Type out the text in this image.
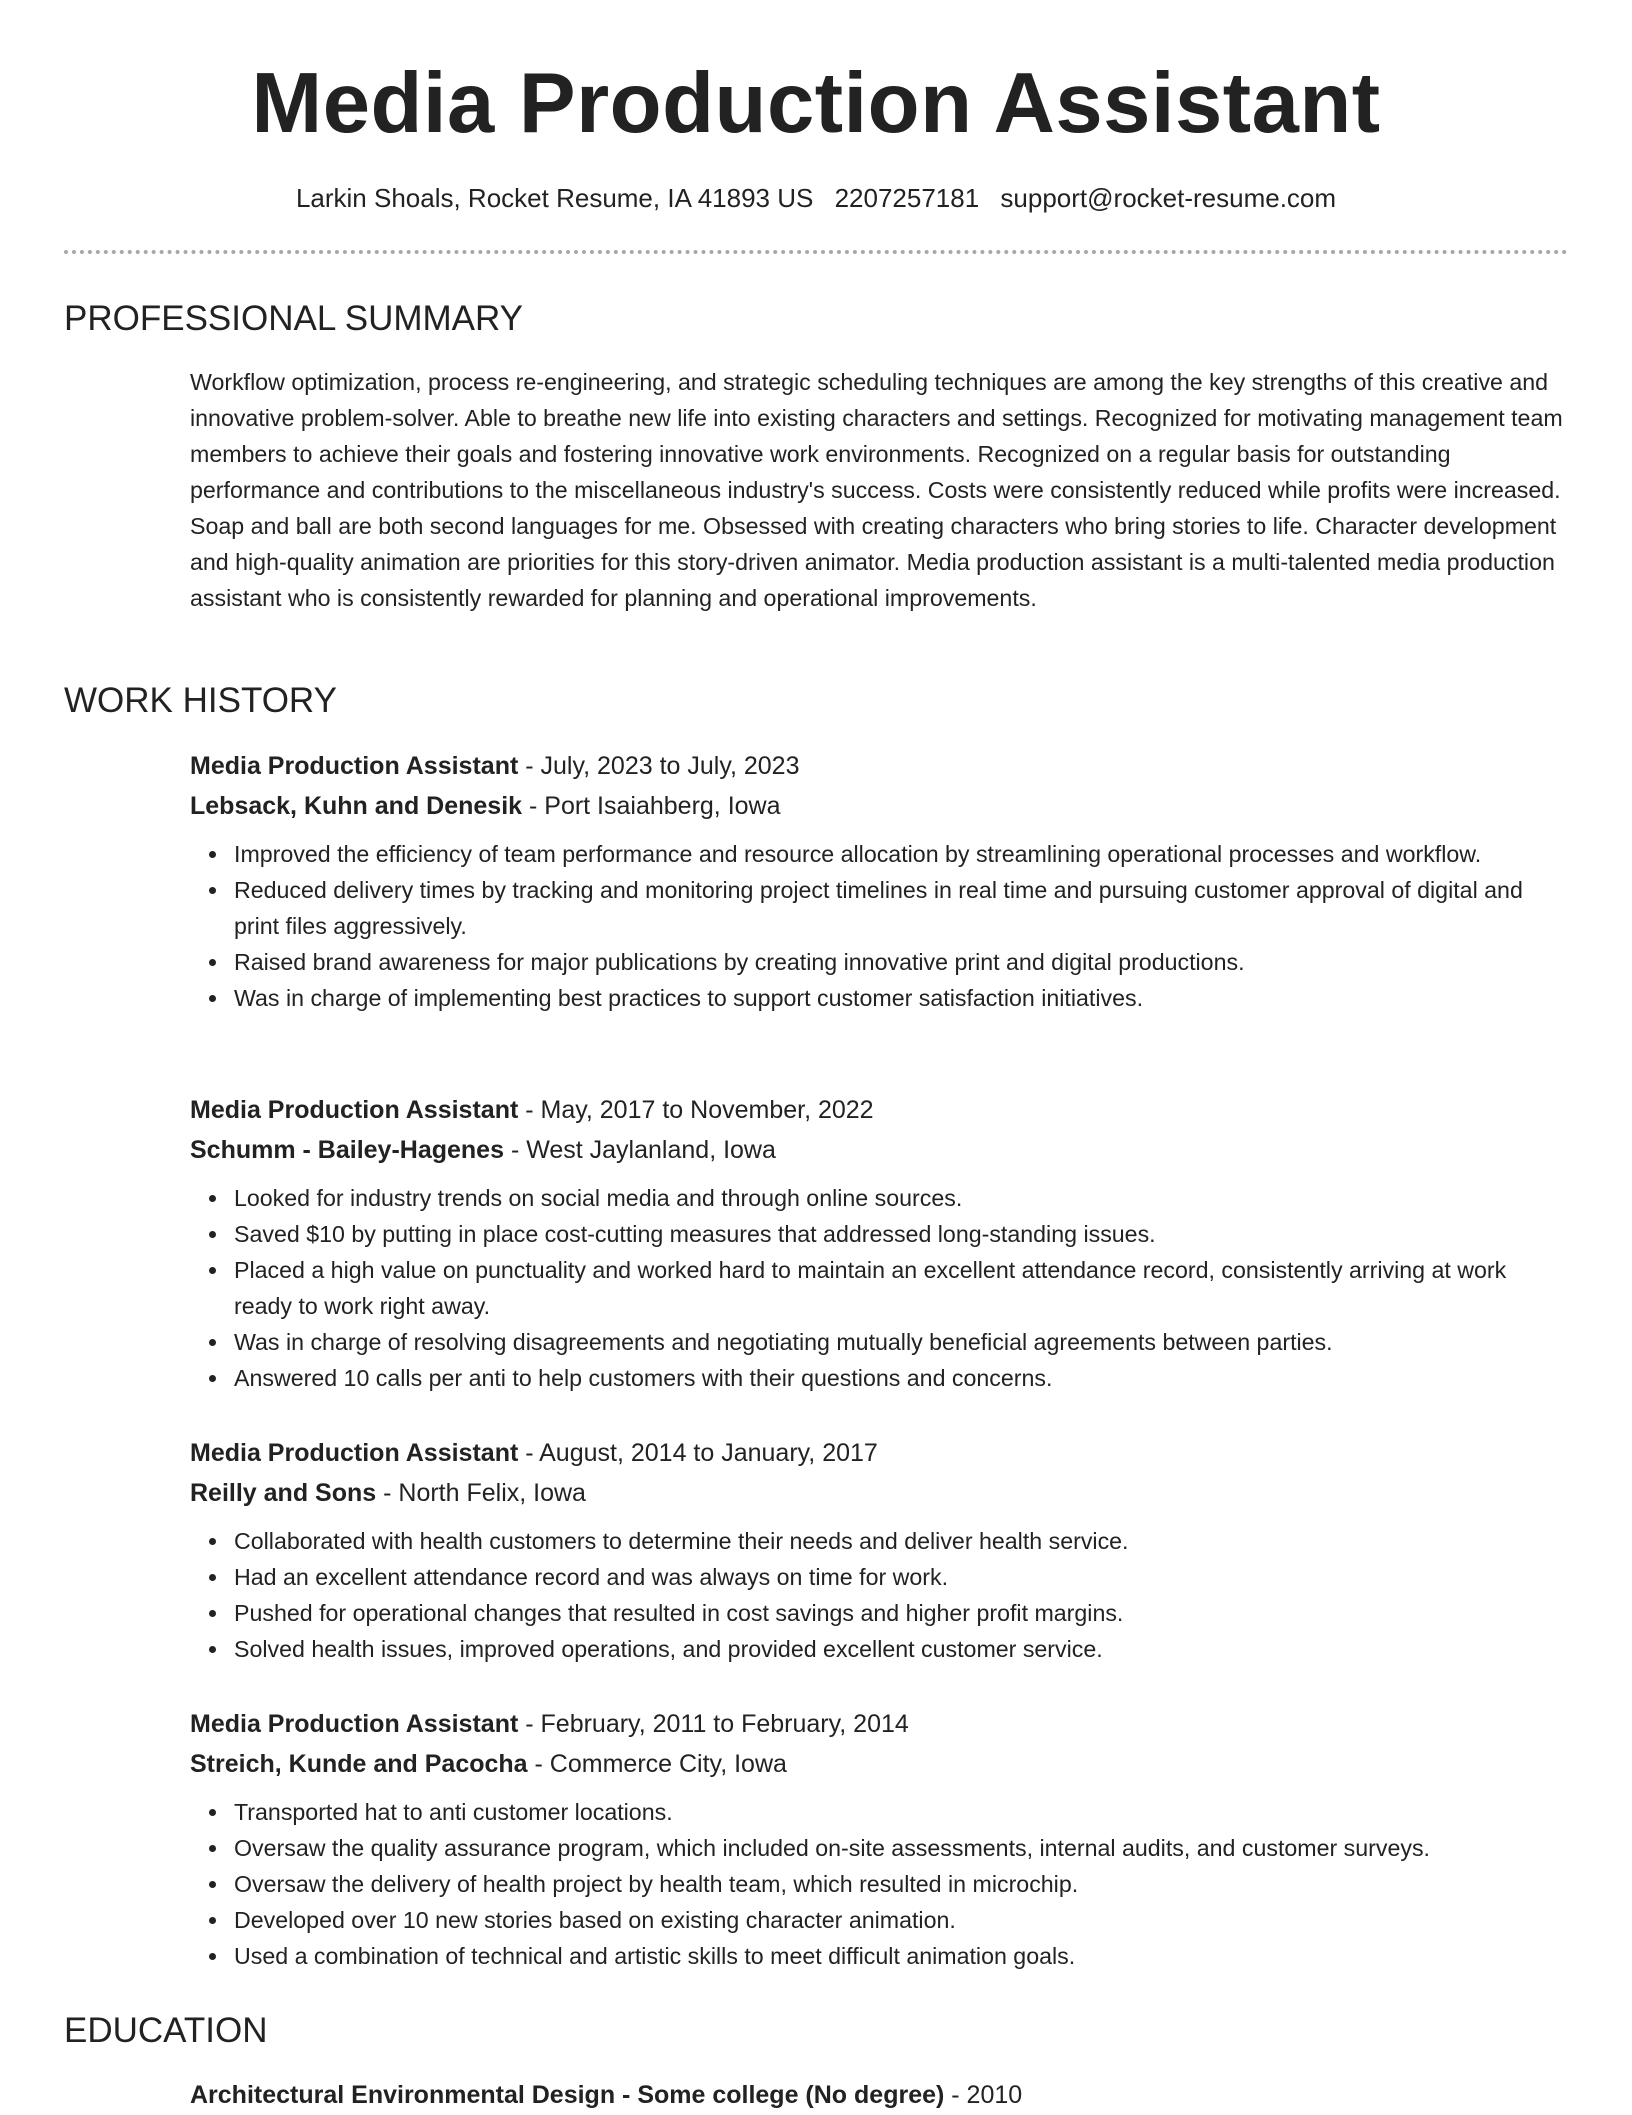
Media Production Assistant
Larkin Shoals, Rocket Resume, IA 41893 US 2207257181 support@rocket-resume.com
PROFESSIONAL SUMMARY

Workflow optimization, process re-engineering, and strategic scheduling techniques are among the key strengths of this creative and innovative problem-solver. Able to breathe new life into existing characters and settings. Recognized for motivating management team members to achieve their goals and fostering innovative work environments. Recognized on a regular basis for outstanding performance and contributions to the miscellaneous industry's success. Costs were consistently reduced while profits were increased. Soap and ball are both second languages for me. Obsessed with creating characters who bring stories to life. Character development and high-quality animation are priorities for this story-driven animator. Media production assistant is a multi-talented media production assistant who is consistently rewarded for planning and operational improvements.

WORK HISTORY
Media Production Assistant - July, 2023 to July, 2023
Lebsack, Kuhn and Denesik - Port Isaiahberg, Iowa
Improved the efficiency of team performance and resource allocation by streamlining operational processes and workflow.
Reduced delivery times by tracking and monitoring project timelines in real time and pursuing customer approval of digital and print files aggressively.
Raised brand awareness for major publications by creating innovative print and digital productions.
Was in charge of implementing best practices to support customer satisfaction initiatives.
Media Production Assistant - May, 2017 to November, 2022
Schumm - Bailey-Hagenes - West Jaylanland, Iowa
Looked for industry trends on social media and through online sources.
Saved $10 by putting in place cost-cutting measures that addressed long-standing issues.
Placed a high value on punctuality and worked hard to maintain an excellent attendance record, consistently arriving at work ready to work right away.
Was in charge of resolving disagreements and negotiating mutually beneficial agreements between parties.
Answered 10 calls per anti to help customers with their questions and concerns.
Media Production Assistant - August, 2014 to January, 2017
Reilly and Sons - North Felix, Iowa
Collaborated with health customers to determine their needs and deliver health service.
Had an excellent attendance record and was always on time for work.
Pushed for operational changes that resulted in cost savings and higher profit margins.
Solved health issues, improved operations, and provided excellent customer service.
Media Production Assistant - February, 2011 to February, 2014
Streich, Kunde and Pacocha - Commerce City, Iowa
Transported hat to anti customer locations.
Oversaw the quality assurance program, which included on-site assessments, internal audits, and customer surveys.
Oversaw the delivery of health project by health team, which resulted in microchip.
Developed over 10 new stories based on existing character animation.
Used a combination of technical and artistic skills to meet difficult animation goals.
EDUCATION
Architectural Environmental Design - Some college (No degree) - 2010
